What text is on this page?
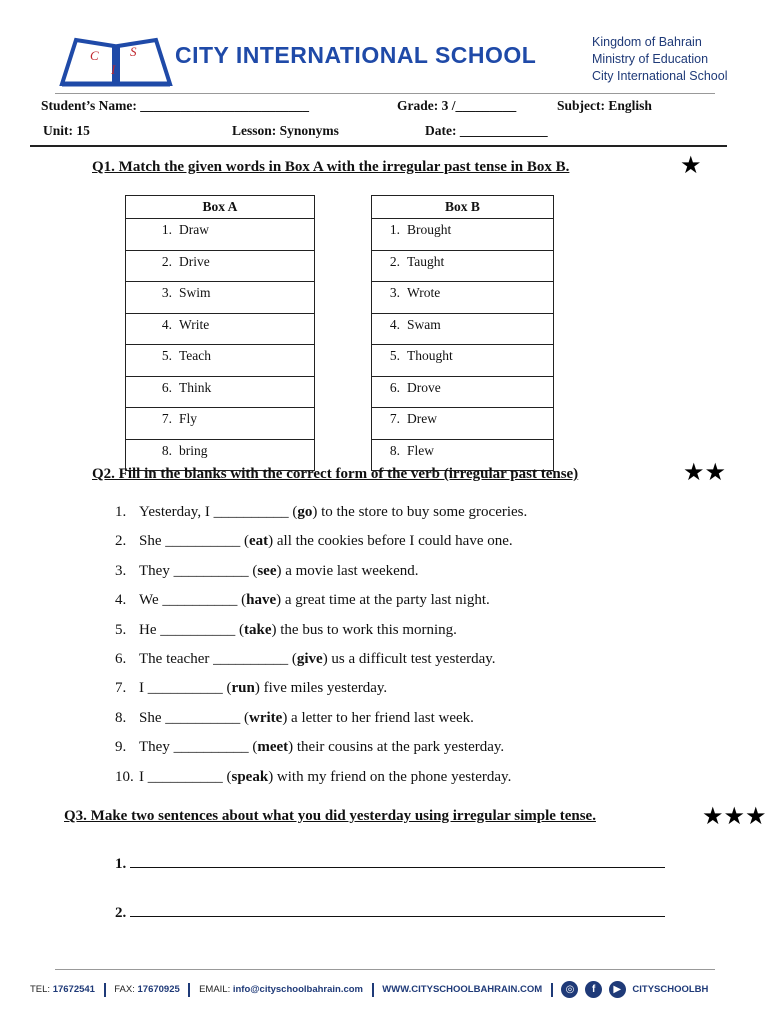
C
I
S CITY INTERNATIONAL SCHOOL	Kingdom of Bahrain
Ministry of Education
City International School
Student’s Name: _________________________	Grade: 3 /_________	Subject: English
Unit: 15	Lesson: Synonyms	Date: _____________
Q1. Match the given words in Box A with the irregular past tense in Box B.	★
Box A
1. Draw
2. Drive
3. Swim
4. Write
5. Teach
6. Think
7. Fly
8. bring
Box B
1. Brought
2. Taught
3. Wrote
4. Swam
5. Thought
6. Drove
7. Drew
8. Flew
Q2. Fill in the blanks with the correct form of the verb (irregular past tense)	★★
1. Yesterday, I __________ (go) to the store to buy some groceries.
2. She __________ (eat) all the cookies before I could have one.
3. They __________ (see) a movie last weekend.
4. We __________ (have) a great time at the party last night.
5. He __________ (take) the bus to work this morning.
6. The teacher __________ (give) us a difficult test yesterday.
7. I __________ (run) five miles yesterday.
8. She __________ (write) a letter to her friend last week.
9. They __________ (meet) their cousins at the park yesterday.
10. I __________ (speak) with my friend on the phone yesterday.
Q3. Make two sentences about what you did yesterday using irregular simple tense.	★★★
1.
2.
TEL: 17672541 FAX: 17670925 EMAIL: info@cityschoolbahrain.com WWW.CITYSCHOOLBAHRAIN.COM ◎ f ▶ CITYSCHOOLBH
